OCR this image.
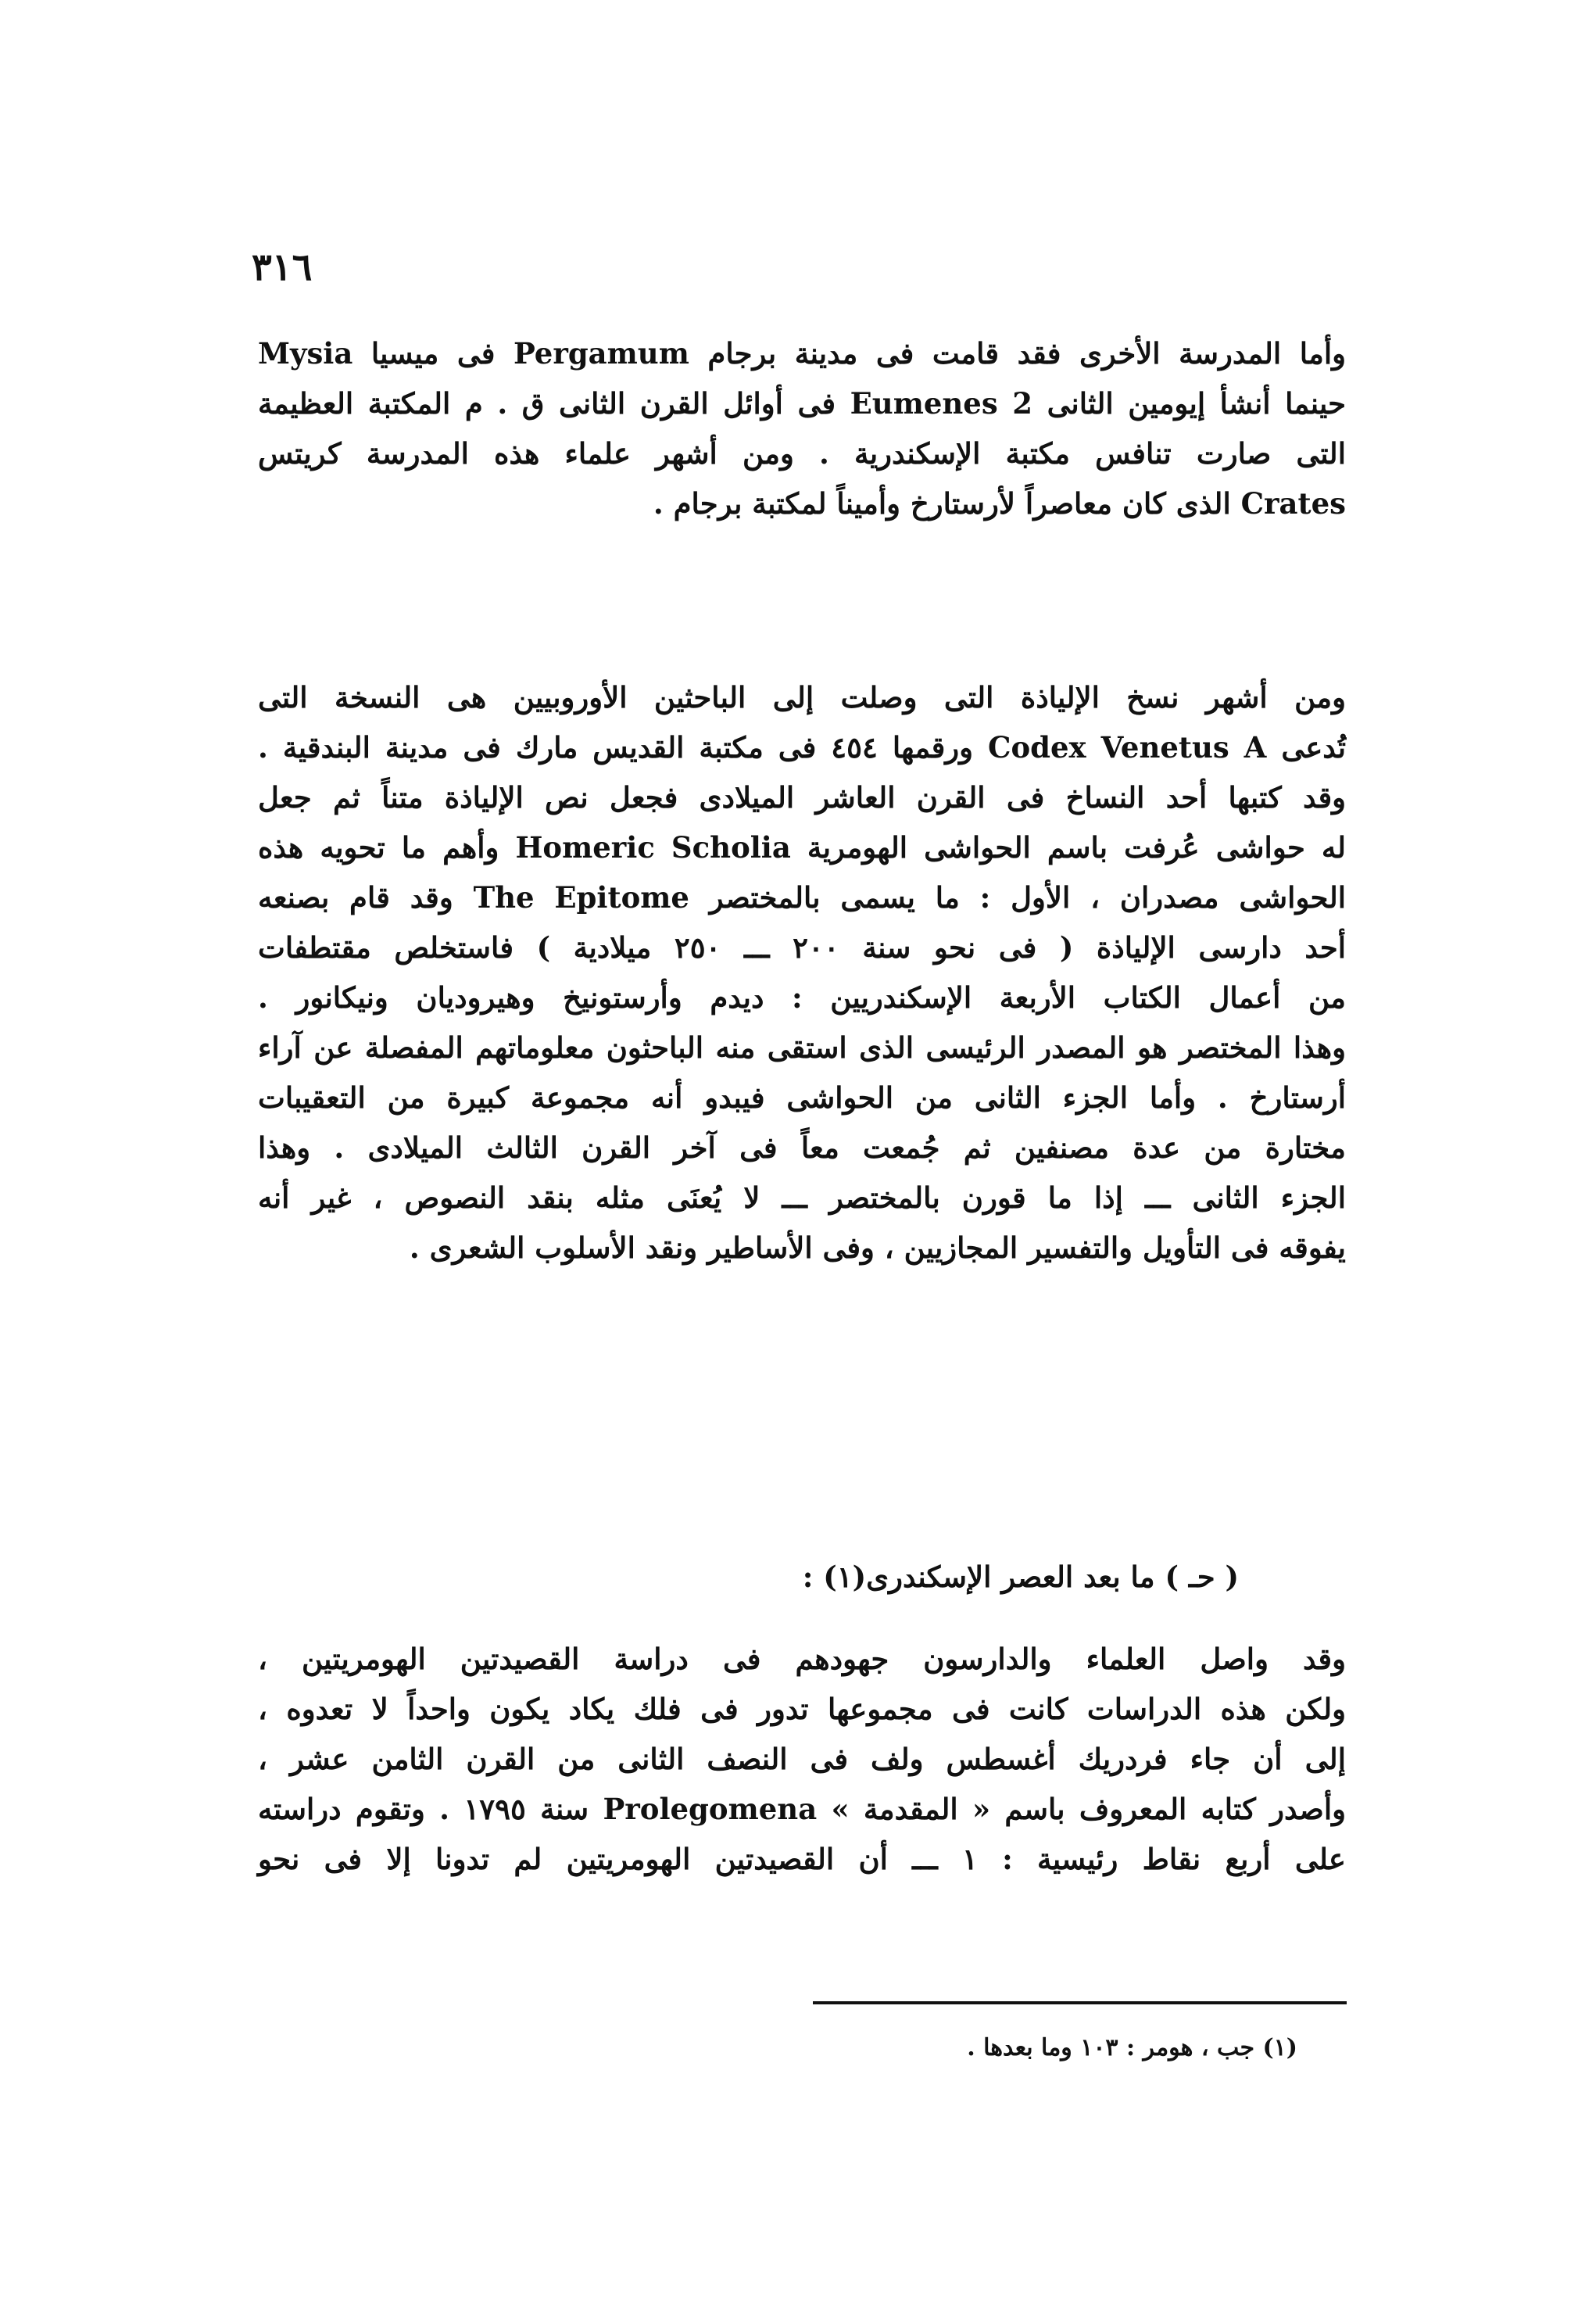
٣١٦
وأما المدرسة الأخرى فقد قامت فى مدينة برجام Pergamum فى ميسيا Mysia
حينما أنشأ إيومين الثانى Eumenes 2 فى أوائل القرن الثانى ق . م المكتبة العظيمة
التى صارت تنافس مكتبة الإسكندرية . ومن أشهر علماء هذه المدرسة كريتس
Crates الذى كان معاصراً لأرستارخ وأميناً لمكتبة برجام .
ومن أشهر نسخ الإلياذة التى وصلت إلى الباحثين الأوروبيين هى النسخة التى
تُدعى Codex Venetus A ورقمها ٤٥٤ فى مكتبة القديس مارك فى مدينة البندقية .
وقد كتبها أحد النساخ فى القرن العاشر الميلادى فجعل نص الإلياذة متناً ثم جعل
له حواشى عُرفت باسم الحواشى الهومرية Homeric Scholia وأهم ما تحويه هذه
الحواشى مصدران ، الأول : ما يسمى بالمختصر The Epitome وقد قام بصنعه
أحد دارسى الإلياذة ( فى نحو سنة ٢٠٠ ـــ ٢٥٠ ميلادية ) فاستخلص مقتطفات
من أعمال الكتاب الأربعة الإسكندريين : ديدم وأرستونيخ وهيرودیان ونيكانور .
وهذا المختصر هو المصدر الرئيسى الذى استقى منه الباحثون معلوماتهم المفصلة عن آراء
أرستارخ . وأما الجزء الثانى من الحواشى فيبدو أنه مجموعة كبيرة من التعقيبات
مختارة من عدة مصنفين ثم جُمعت معاً فى آخر القرن الثالث الميلادى . وهذا
الجزء الثانى ـــ إذا ما قورن بالمختصر ـــ لا يُعنَى مثله بنقد النصوص ، غير أنه
يفوقه فى التأويل والتفسير المجازيين ، وفى الأساطير ونقد الأسلوب الشعرى .
( حـ ) ما بعد العصر الإسكندرى(١) :
وقد واصل العلماء والدارسون جهودهم فى دراسة القصيدتين الهومريتين ،
ولكن هذه الدراسات كانت فى مجموعها تدور فى فلك يكاد يكون واحداً لا تعدوه ،
إلى أن جاء فردريك أغسطس ولف فى النصف الثانى من القرن الثامن عشر ،
وأصدر كتابه المعروف باسم « المقدمة » Prolegomena سنة ١٧٩٥ . وتقوم دراسته
على أربع نقاط رئيسية : ١ ـــ أن القصيدتين الهومريتين لم تدونا إلا فى نحو
(١) جب ، هومر : ١٠٣ وما بعدها .
